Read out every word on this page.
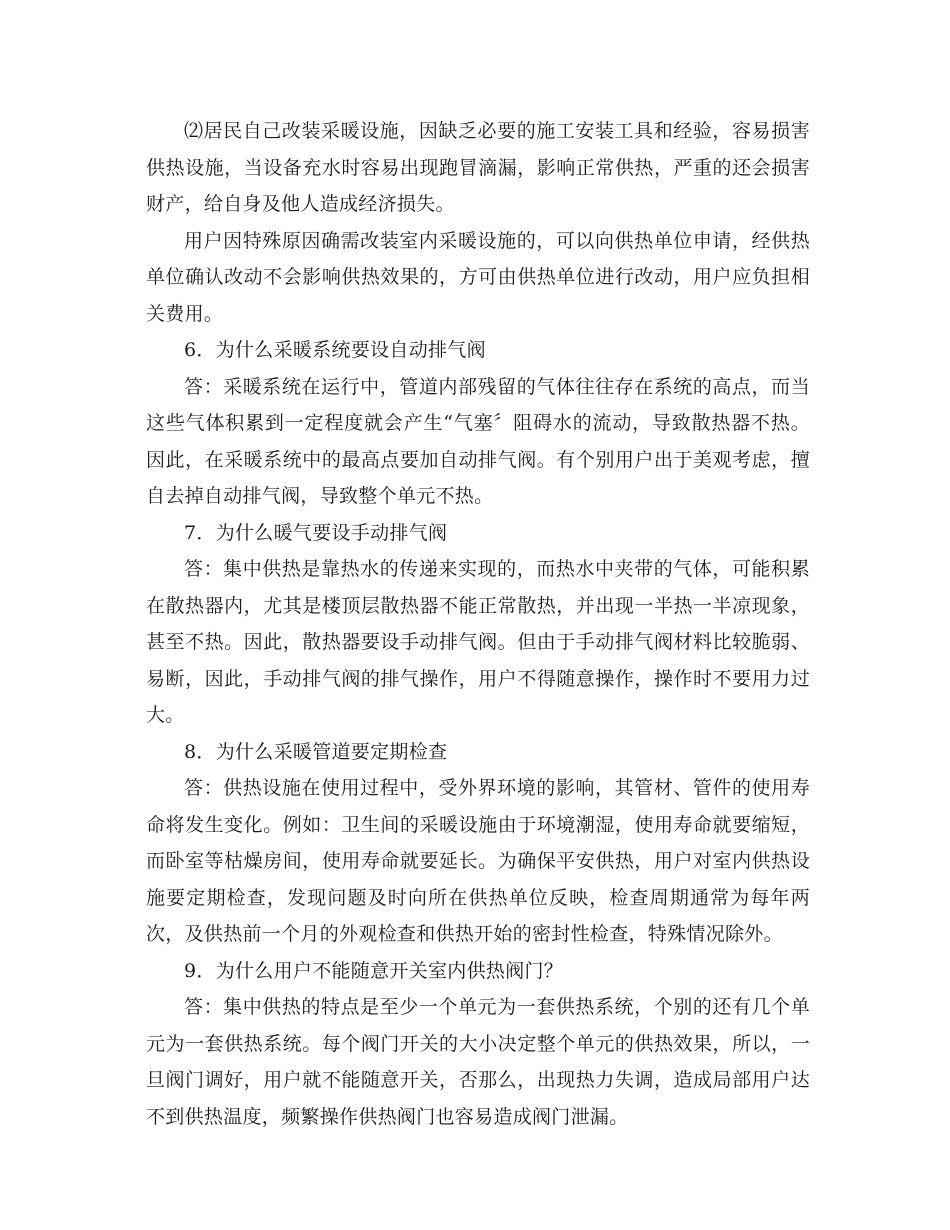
⑵居民自己改装采暖设施，因缺乏必要的施工安装工具和经验，容易损害供热设施，当设备充水时容易出现跑冒滴漏，影响正常供热，严重的还会损害财产，给自身及他人造成经济损失。

用户因特殊原因确需改装室内采暖设施的，可以向供热单位申请，经供热单位确认改动不会影响供热效果的，方可由供热单位进行改动，用户应负担相关费用。

6．为什么采暖系统要设自动排气阀

答：采暖系统在运行中，管道内部残留的气体往往存在系统的高点，而当这些气体积累到一定程度就会产生“气塞〞阻碍水的流动，导致散热器不热。因此，在采暖系统中的最高点要加自动排气阀。有个别用户出于美观考虑，擅自去掉自动排气阀，导致整个单元不热。

7．为什么暖气要设手动排气阀

答：集中供热是靠热水的传递来实现的，而热水中夹带的气体，可能积累在散热器内，尤其是楼顶层散热器不能正常散热，并出现一半热一半凉现象，甚至不热。因此，散热器要设手动排气阀。但由于手动排气阀材料比较脆弱、易断，因此，手动排气阀的排气操作，用户不得随意操作，操作时不要用力过大。

8．为什么采暖管道要定期检查

答：供热设施在使用过程中，受外界环境的影响，其管材、管件的使用寿命将发生变化。例如：卫生间的采暖设施由于环境潮湿，使用寿命就要缩短，而卧室等枯燥房间，使用寿命就要延长。为确保平安供热，用户对室内供热设施要定期检查，发现问题及时向所在供热单位反映，检查周期通常为每年两次，及供热前一个月的外观检查和供热开始的密封性检查，特殊情况除外。

9．为什么用户不能随意开关室内供热阀门？

答：集中供热的特点是至少一个单元为一套供热系统，个别的还有几个单元为一套供热系统。每个阀门开关的大小决定整个单元的供热效果，所以，一旦阀门调好，用户就不能随意开关，否那么，出现热力失调，造成局部用户达不到供热温度，频繁操作供热阀门也容易造成阀门泄漏。
